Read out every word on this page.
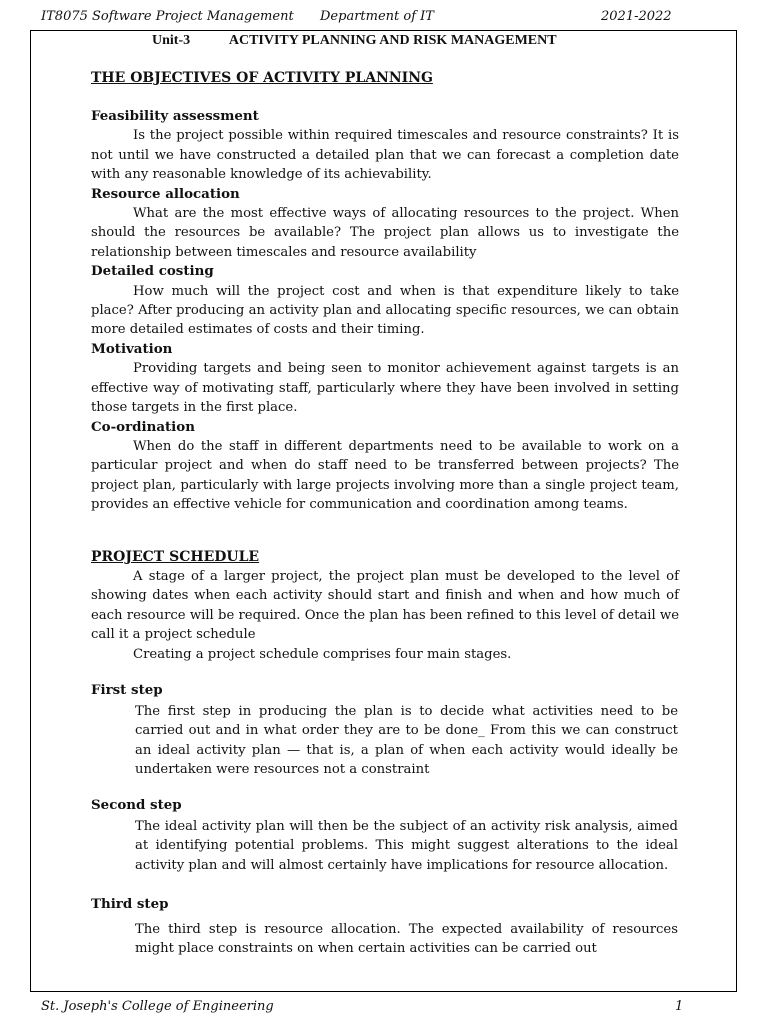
IT8075 Software Project Management Department of IT	2021-2022
Unit-3	ACTIVITY PLANNING AND RISK MANAGEMENT
THE OBJECTIVES OF ACTIVITY PLANNING
Feasibility assessment

Is the project possible within required timescales and resource constraints? It is not until we have constructed a detailed plan that we can forecast a completion date with any reasonable knowledge of its achievability.

Resource allocation

What are the most effective ways of allocating resources to the project. When should the resources be available? The project plan allows us to investigate the relationship between timescales and resource availability

Detailed costing

How much will the project cost and when is that expenditure likely to take place? After producing an activity plan and allocating specific resources, we can obtain more detailed estimates of costs and their timing.

Motivation

Providing targets and being seen to monitor achievement against targets is an effective way of motivating staff, particularly where they have been involved in setting those targets in the first place.

Co-ordination

When do the staff in different departments need to be available to work on a particular project and when do staff need to be transferred between projects? The project plan, particularly with large projects involving more than a single project team, provides an effective vehicle for communication and coordination among teams.

PROJECT SCHEDULE

A stage of a larger project, the project plan must be developed to the level of showing dates when each activity should start and finish and when and how much of each resource will be required. Once the plan has been refined to this level of detail we call it a project schedule

Creating a project schedule comprises four main stages.

First step
The first step in producing the plan is to decide what activities need to be carried out and in what order they are to be done_ From this we can construct an ideal activity plan — that is, a plan of when each activity would ideally be undertaken were resources not a constraint
Second step
The ideal activity plan will then be the subject of an activity risk analysis, aimed at identifying potential problems. This might suggest alterations to the ideal activity plan and will almost certainly have implications for resource allocation.
Third step
The third step is resource allocation. The expected availability of resources might place constraints on when certain activities can be carried out
St. Joseph's College of Engineering	1
